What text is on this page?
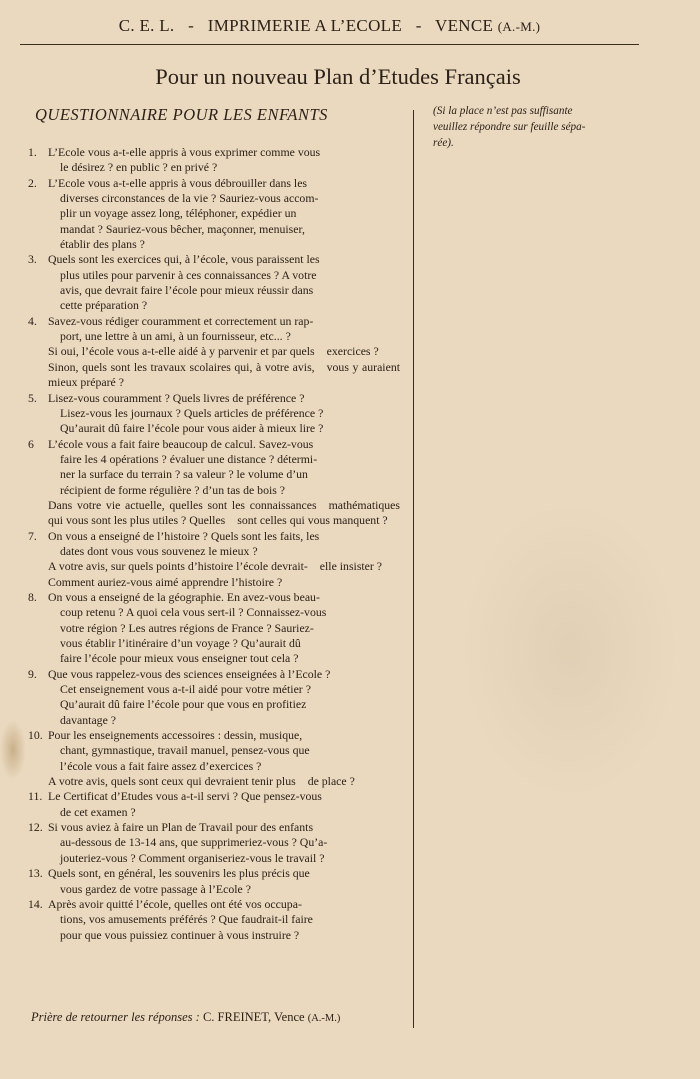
C. E. L. - IMPRIMERIE A L’ECOLE - VENCE (A.-M.)
Pour un nouveau Plan d’Etudes Français
QUESTIONNAIRE POUR LES ENFANTS	(Si la place n’est pas suffisante
veuillez répondre sur feuille sépa-
rée).
1. L’Ecole vous a-t-elle appris à vous exprimer comme vous
le désirez ? en public ? en privé ?
2. L’Ecole vous a-t-elle appris à vous débrouiller dans les
diverses circonstances de la vie ? Sauriez-vous accom-
plir un voyage assez long, téléphoner, expédier un
mandat ? Sauriez-vous bêcher, maçonner, menuiser,
établir des plans ?
3. Quels sont les exercices qui, à l’école, vous paraissent les
plus utiles pour parvenir à ces connaissances ? A votre
avis, que devrait faire l’école pour mieux réussir dans
cette préparation ?
4. Savez-vous rédiger couramment et correctement un rap-
port, une lettre à un ami, à un fournisseur, etc... ?
Si oui, l’école vous a-t-elle aidé à y parvenir et par quels exercices ?
Sinon, quels sont les travaux scolaires qui, à votre avis, vous y auraient mieux préparé ?
5. Lisez-vous couramment ? Quels livres de préférence ?
Lisez-vous les journaux ? Quels articles de préférence ?
Qu’aurait dû faire l’école pour vous aider à mieux lire ?
6 L’école vous a fait faire beaucoup de calcul. Savez-vous
faire les 4 opérations ? évaluer une distance ? détermi-
ner la surface du terrain ? sa valeur ? le volume d’un
récipient de forme régulière ? d’un tas de bois ?
Dans votre vie actuelle, quelles sont les connaissances mathématiques qui vous sont les plus utiles ? Quelles sont celles qui vous manquent ?
7. On vous a enseigné de l’histoire ? Quels sont les faits, les
dates dont vous vous souvenez le mieux ?
A votre avis, sur quels points d’histoire l’école devrait- elle insister ?
Comment auriez-vous aimé apprendre l’histoire ?
8. On vous a enseigné de la géographie. En avez-vous beau-
coup retenu ? A quoi cela vous sert-il ? Connaissez-vous
votre région ? Les autres régions de France ? Sauriez-
vous établir l’itinéraire d’un voyage ? Qu’aurait dû
faire l’école pour mieux vous enseigner tout cela ?
9. Que vous rappelez-vous des sciences enseignées à l’Ecole ?
Cet enseignement vous a-t-il aidé pour votre métier ?
Qu’aurait dû faire l’école pour que vous en profitiez
davantage ?
10. Pour les enseignements accessoires : dessin, musique,
chant, gymnastique, travail manuel, pensez-vous que
l’école vous a fait faire assez d’exercices ?
A votre avis, quels sont ceux qui devraient tenir plus de place ?
11. Le Certificat d’Etudes vous a-t-il servi ? Que pensez-vous
de cet examen ?
12. Si vous aviez à faire un Plan de Travail pour des enfants
au-dessous de 13-14 ans, que supprimeriez-vous ? Qu’a-
jouteriez-vous ? Comment organiseriez-vous le travail ?
13. Quels sont, en général, les souvenirs les plus précis que
vous gardez de votre passage à l’Ecole ?
14. Après avoir quitté l’école, quelles ont été vos occupa-
tions, vos amusements préférés ? Que faudrait-il faire
pour que vous puissiez continuer à vous instruire ?
Prière de retourner les réponses : C. FREINET, Vence (A.-M.)
